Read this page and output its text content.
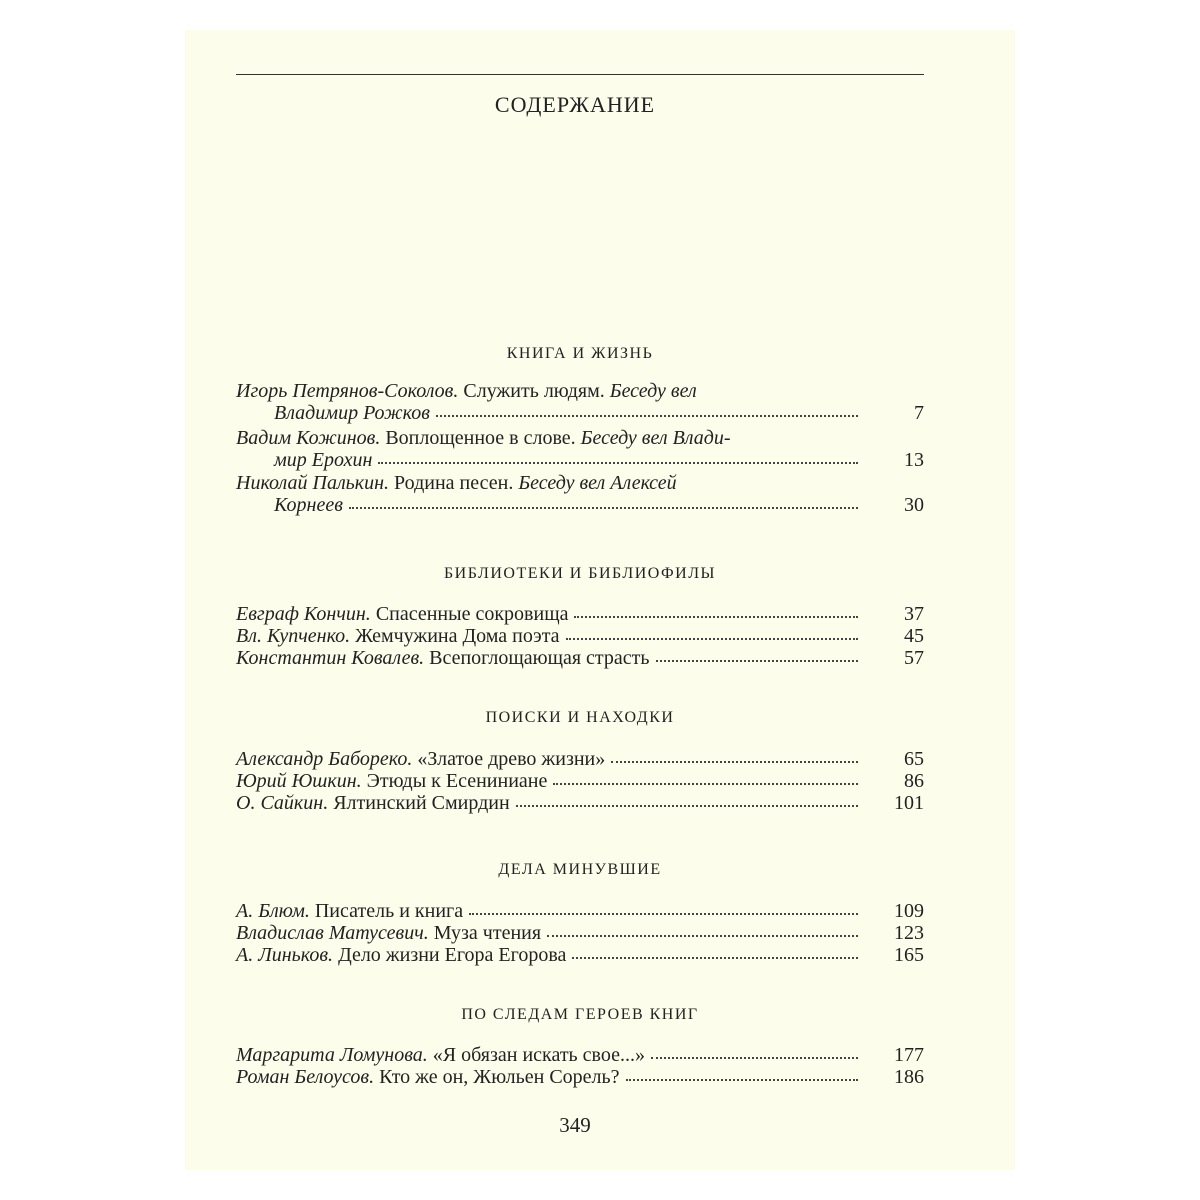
СОДЕРЖАНИЕ
КНИГА И ЖИЗНЬ
Игорь Петрянов-Соколов. Служить людям. Беседу вел
Владимир Рожков	7
Вадим Кожинов. Воплощенное в слове. Беседу вел Влади-
мир Ерохин	13
Николай Палькин. Родина песен. Беседу вел Алексей
Корнеев	30
БИБЛИОТЕКИ И БИБЛИОФИЛЫ
Евграф Кончин. Спасенные сокровища	37
Вл. Купченко. Жемчужина Дома поэта	45
Константин Ковалев. Всепоглощающая страсть	57
ПОИСКИ И НАХОДКИ
Александр Бабореко. «Златое древо жизни»	65
Юрий Юшкин. Этюды к Есениниане	86
О. Сайкин. Ялтинский Смирдин	101
ДЕЛА МИНУВШИЕ
А. Блюм. Писатель и книга	109
Владислав Матусевич. Муза чтения	123
А. Линьков. Дело жизни Егора Егорова	165
ПО СЛЕДАМ ГЕРОЕВ КНИГ
Маргарита Ломунова. «Я обязан искать свое...»	177
Роман Белоусов. Кто же он, Жюльен Сорель?	186
349
